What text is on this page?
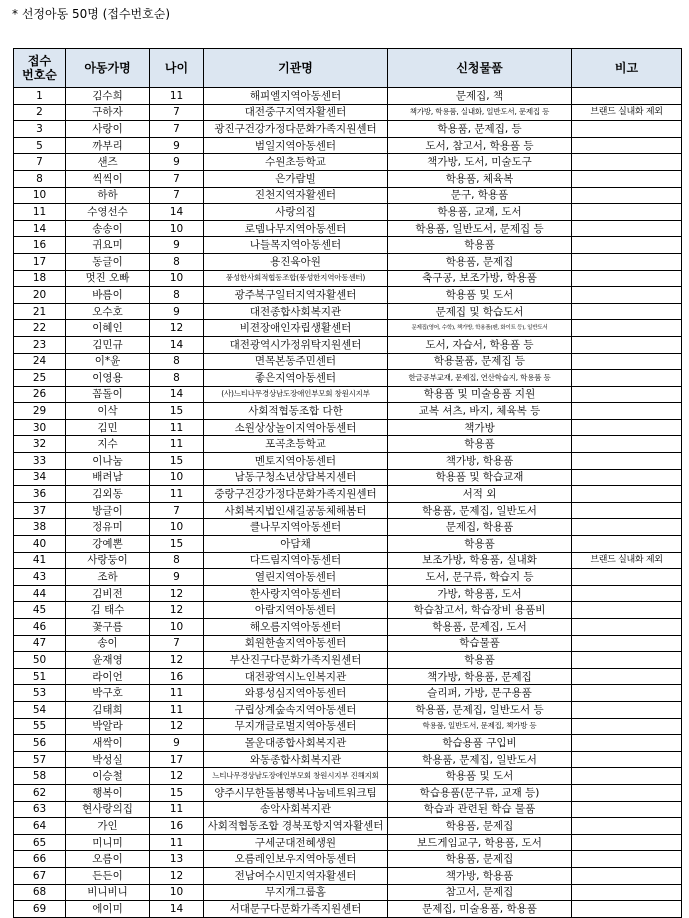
* 선정아동 50명 (접수번호순)
접수
번호순	아동가명	나이	기관명	신청물품	비고
1	김수희	11	해피엘지역아동센터	문제집, 책	
2	구하자	7	대전중구지역자활센터	책가방, 학용품, 실내화, 일반도서, 문제집 등	브랜드 실내화 제외
3	사랑이	7	광진구건강가정다문화가족지원센터	학용품, 문제집, 등	
5	까부리	9	범일지역아동센터	도서, 참고서, 학용품 등	
7	샌즈	9	수원초등학교	책가방, 도서, 미술도구	
8	씩씩이	7	은가람빌	학용품, 체육복	
10	하하	7	진천지역자활센터	문구, 학용품	
11	수영선수	14	사랑의집	학용품, 교재, 도서	
14	송송이	10	로뎀나무지역아동센터	학용품, 일반도서, 문제집 등	
16	귀요미	9	나들목지역아동센터	학용품	
17	동글이	8	용진육아원	학용품, 문제집	
18	멋진 오빠	10	풍성한사회적협동조합(풍성한지역아동센터)	축구공, 보조가방, 학용품	
20	바름이	8	광주북구일터지역자활센터	학용품 및 도서	
21	오수호	9	대전종합사회복지관	문제집 및 학습도서	
22	이혜인	12	비젼장애인자립생활센터	문제집(영어, 수학), 책가방, 학용품(펜, 화이트 등), 일반도서	
23	김민규	14	대전광역시가정위탁지원센터	도서, 자습서, 학용품 등	
24	이*윤	8	면목본동주민센터	학용물품, 문제집 등	
25	이영용	8	좋은지역아동센터	한글공부교재, 문제집, 연산학습지, 학용품 등	
26	꼼돌이	14	(사)느티나무경상남도장애인부모회 창원시지부	학용품 및 미술용품 지원	
29	이삭	15	사회적협동조합 다한	교복 셔츠, 바지, 체육복 등	
30	김민	11	소원상상놀이지역아동센터	책가방	
32	지수	11	포곡초등학교	학용품	
33	이나눔	15	멘토지역아동센터	책가방, 학용품	
34	배려남	10	남동구청소년상담복지센터	학용품 및 학습교재	
36	김외동	11	중랑구건강가정다문화가족지원센터	서적 외	
37	방글이	7	사회복지법인새길공동체해봄터	학용품, 문제집, 일반도서	
38	정유미	10	클나무지역아동센터	문제집, 학용품	
40	강예뽄	15	아담채	학용품	
41	사랑둥이	8	다드림지역아동센터	보조가방, 학용품, 실내화	브랜드 실내화 제외
43	조하	9	열린지역아동센터	도서, 문구류, 학습지 등	
44	김비전	12	한사랑지역아동센터	가방, 학용품, 도서	
45	김 태수	12	아람지역아동센터	학습참고서, 학습장비 용품비	
46	꽃구름	10	해오름지역아동센터	학용품, 문제집, 도서	
47	송이	7	회원한솔지역아동센터	학습물품	
50	윤재영	12	부산진구다문화가족지원센터	학용품	
51	라이언	16	대전광역시노인복지관	책가방, 학용품, 문제집	
53	박구호	11	와룡성심지역아동센터	슬리퍼, 가방, 문구용품	
54	김태희	11	구립상계숲속지역아동센터	학용품, 문제집, 일반도서 등	
55	박알라	12	무지개글로벌지역아동센터	학용품, 일반도서, 문제집, 책가방 등	
56	새싹이	9	몰운대종합사회복지관	학습용품 구입비	
57	박성실	17	와동종합사회복지관	학용품, 문제집, 일반도서	
58	이승철	12	느티나무경상남도장애인부모회 창원시지부 진해지회	학용품 및 도서	
62	행복이	15	양주시무한돌봄행복나눔네트워크팀	학습용품(문구류, 교재 등)	
63	현사랑의집	11	송악사회복지관	학습과 관련된 학습 물품	
64	가인	16	사회적협동조합 경북포항지역자활센터	학용품, 문제집	
65	미니미	11	구세군대전혜생원	보드게임교구, 학용품, 도서	
66	오름이	13	오름레인보우지역아동센터	학용품, 문제집	
67	든든이	12	전남여수시민지역자활센터	책가방, 학용품	
68	비니비니	10	무지개그룹홈	참고서, 문제집	
69	에이미	14	서대문구다문화가족지원센터	문제집, 미술용품, 학용품	
